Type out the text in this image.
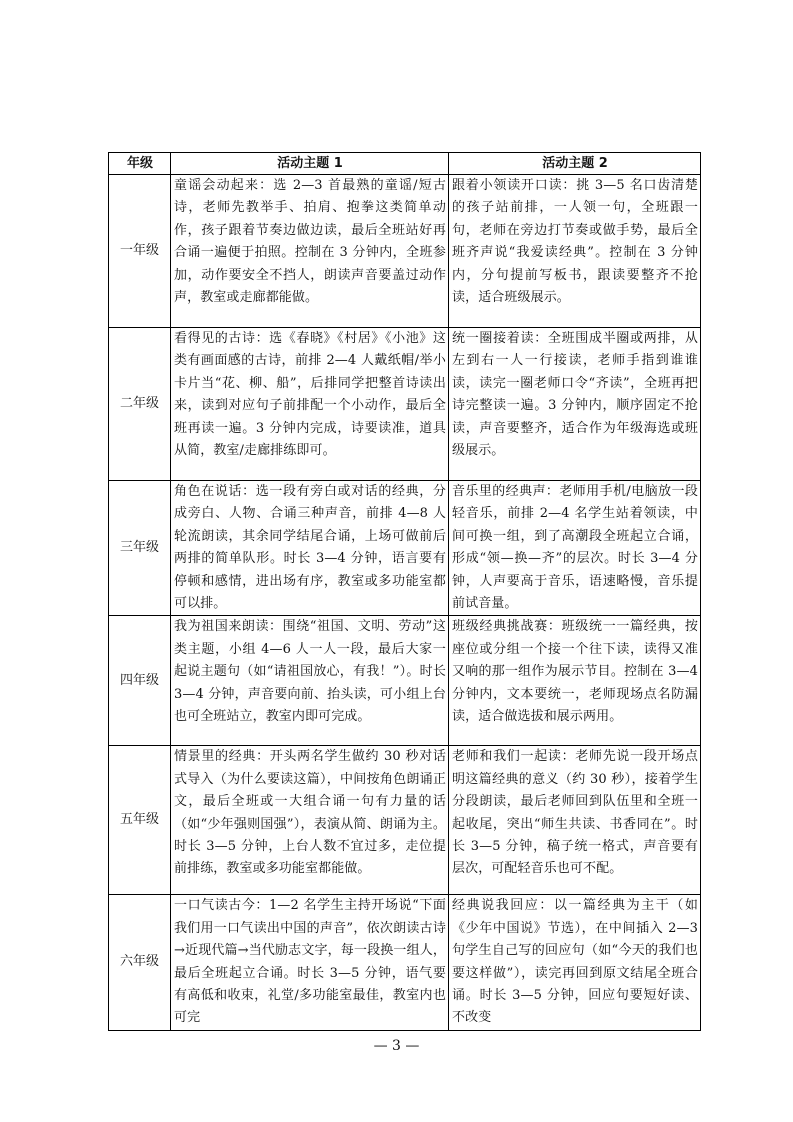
年级	活动主题 1	活动主题 2
一年级	童谣会动起来：选 2—3 首最熟的童谣/短古诗，老师先教举手、拍肩、抱拳这类简单动作，孩子跟着节奏边做边读，最后全班站好再合诵一遍便于拍照。控制在 3 分钟内，全班参加，动作要安全不挡人，朗读声音要盖过动作声，教室或走廊都能做。	跟着小领读开口读：挑 3—5 名口齿清楚的孩子站前排，一人领一句，全班跟一句，老师在旁边打节奏或做手势，最后全班齐声说“我爱读经典”。控制在 3 分钟内，分句提前写板书，跟读要整齐不抢读，适合班级展示。

二年级	看得见的古诗：选《春晓》《村居》《小池》这类有画面感的古诗，前排 2—4 人戴纸帽/举小卡片当“花、柳、船”，后排同学把整首诗读出来，读到对应句子前排配一个小动作，最后全班再读一遍。3 分钟内完成，诗要读准，道具从简，教室/走廊排练即可。	统一圈接着读：全班围成半圈或两排，从左到右一人一行接读，老师手指到谁谁读，读完一圈老师口令“齐读”，全班再把诗完整读一遍。3 分钟内，顺序固定不抢读，声音要整齐，适合作为年级海选或班级展示。

三年级	角色在说话：选一段有旁白或对话的经典，分成旁白、人物、合诵三种声音，前排 4—8 人轮流朗读，其余同学结尾合诵，上场可做前后两排的简单队形。时长 3—4 分钟，语言要有停顿和感情，进出场有序，教室或多功能室都可以排。	音乐里的经典声：老师用手机/电脑放一段轻音乐，前排 2—4 名学生站着领读，中间可换一组，到了高潮段全班起立合诵，形成“领—换—齐”的层次。时长 3—4 分钟，人声要高于音乐，语速略慢，音乐提前试音量。

四年级	我为祖国来朗读：围绕“祖国、文明、劳动”这类主题，小组 4—6 人一人一段，最后大家一起说主题句（如“请祖国放心，有我！”）。时长 3—4 分钟，声音要向前、抬头读，可小组上台也可全班站立，教室内即可完成。	班级经典挑战赛：班级统一一篇经典，按座位或分组一个接一个往下读，读得又准又响的那一组作为展示节目。控制在 3—4 分钟内，文本要统一，老师现场点名防漏读，适合做选拔和展示两用。

五年级	情景里的经典：开头两名学生做约 30 秒对话式导入（为什么要读这篇），中间按角色朗诵正文，最后全班或一大组合诵一句有力量的话（如“少年强则国强”），表演从简、朗诵为主。时长 3—5 分钟，上台人数不宜过多，走位提前排练，教室或多功能室都能做。	老师和我们一起读：老师先说一段开场点明这篇经典的意义（约 30 秒），接着学生分段朗读，最后老师回到队伍里和全班一起收尾，突出“师生共读、书香同在”。时长 3—5 分钟，稿子统一格式，声音要有层次，可配轻音乐也可不配。

六年级	一口气读古今：1—2 名学生主持开场说“下面我们用一口气读出中国的声音”，依次朗读古诗→近现代篇→当代励志文字，每一段换一组人，最后全班起立合诵。时长 3—5 分钟，语气要有高低和收束，礼堂/多功能室最佳，教室内也可完	经典说我回应：以一篇经典为主干（如《少年中国说》节选），在中间插入 2—3 句学生自己写的回应句（如“今天的我们也要这样做”），读完再回到原文结尾全班合诵。时长 3—5 分钟，回应句要短好读、不改变
— 3 —
